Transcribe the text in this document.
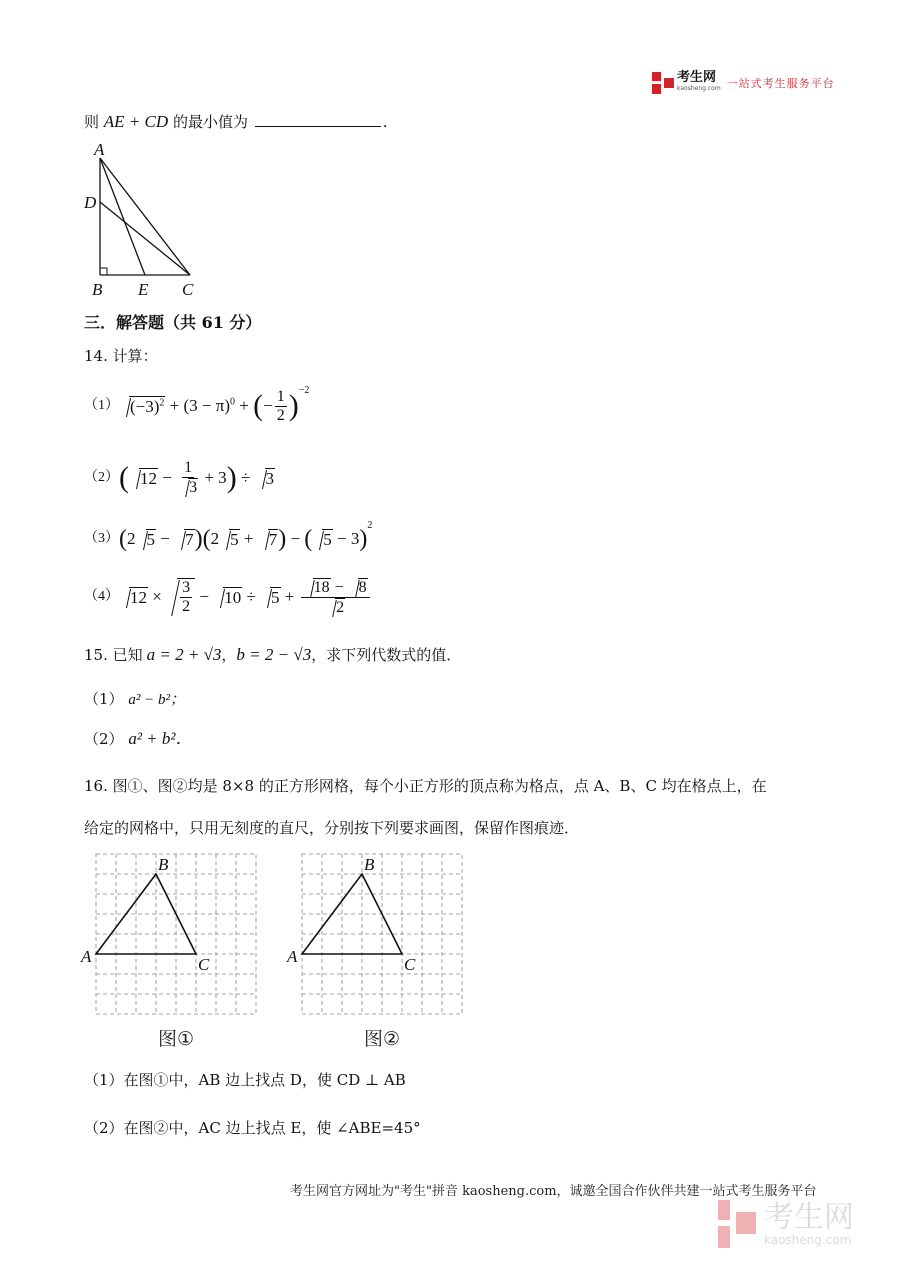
考生网
kaosheng.com 一站式考生服务平台
则 AE + CD 的最小值为	.
A
D
B E C
三．解答题（共 61 分）
14. 计算：
（1） $(-3)^2 + (3 - \pi)^0$ + ( − $\frac{1}{2} )^{-2}$
（2） ( $12 - \frac{1}{3} + 3$ ) ÷ 3
（3） ( 2 5 − 7 ) ( 2 5 + 7 ) − ( 5 − 3 )
$^2$
（4） $12 \times \frac{3}{2} - 10 \div 5 + \frac{18 - 8}{2}$
15. 已知 a = 2 + √3 ， b = 2 − √3 ，求下列代数式的值．
（1） a² − b²；
（2） a² + b²．
16. 图①、图②均是 8×8 的正方形网格，每个小正方形的顶点称为格点，点 A、B、C 均在格点上，在
给定的网格中，只用无刻度的直尺，分别按下列要求画图，保留作图痕迹．
A
B
C
图①
A
B
C
图②
（1）在图①中，AB 边上找点 D，使 CD ⊥ AB
（2）在图②中，AC 边上找点 E，使 ∠ABE=45°
考生网官方网址为"考生"拼音 kaosheng.com，诚邀全国合作伙伴共建一站式考生服务平台
考生网
kaosheng.com
